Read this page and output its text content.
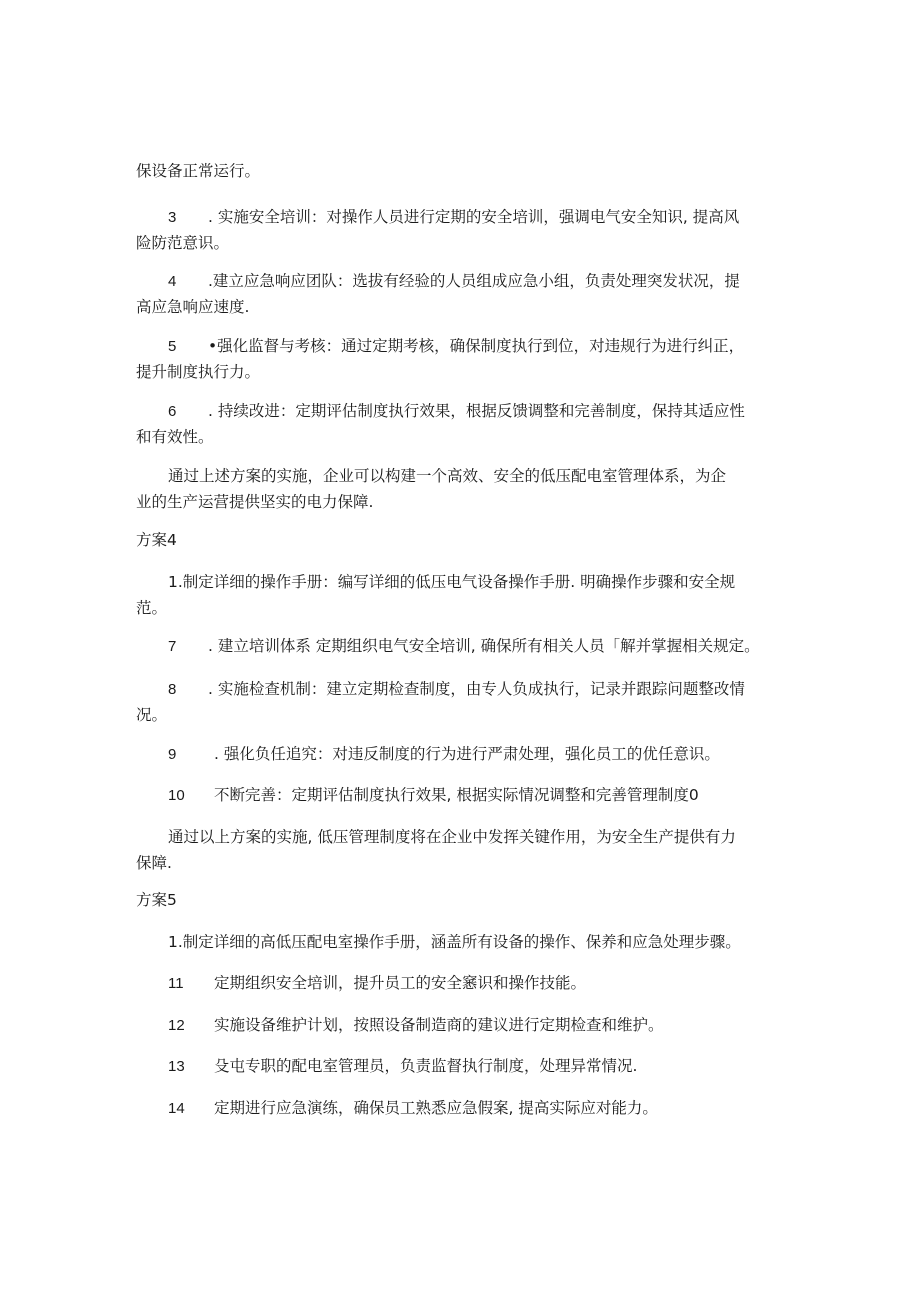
保设备正常运行。
3 . 实施安全培训：对操作人员进行定期的安全培训，强调电气安全知识, 提高风
险防范意识。
4 .建立应急响应团队：选拔有经验的人员组成应急小组，负责处理突发状况，提
高应急响应速度.
5 •强化监督与考核：通过定期考核，确保制度执行到位，对违规行为进行纠正，
提升制度执行力。
6 . 持续改进：定期评估制度执行效果，根据反馈调整和完善制度，保持其适应性
和有效性。
通过上述方案的实施，企业可以构建一个高效、安全的低压配电室管理体系，为企
业的生产运营提供坚实的电力保障.
方案4
1.制定详细的操作手册：编写详细的低压电气设备操作手册. 明确操作步骤和安全规
范。
7 . 建立培训体系 定期组织电气安全培训, 确保所有相关人员「解并掌握相关规定。
8 . 实施检查机制：建立定期检查制度，由专人负成执行，记录并跟踪问题整改情
况。
9 . 强化负任追究：对违反制度的行为进行严肃处理，强化员工的优任意识。
10 不断完善：定期评估制度执行效果, 根据实际情况调整和完善管理制度0
通过以上方案的实施, 低压管理制度将在企业中发挥关键作用，为安全生产提供有力
保障.
方案5
1.制定详细的高低压配电室操作手册，涵盖所有设备的操作、保养和应急处理步骤。
11 定期组织安全培训，提升员工的安全窸识和操作技能。
12 实施设备维护计划，按照设备制造商的建议进行定期检查和维护。
13 殳屯专职的配电室管理员，负责监督执行制度，处理异常情况.
14 定期进行应急演练，确保员工熟悉应急假案, 提高实际应对能力。
